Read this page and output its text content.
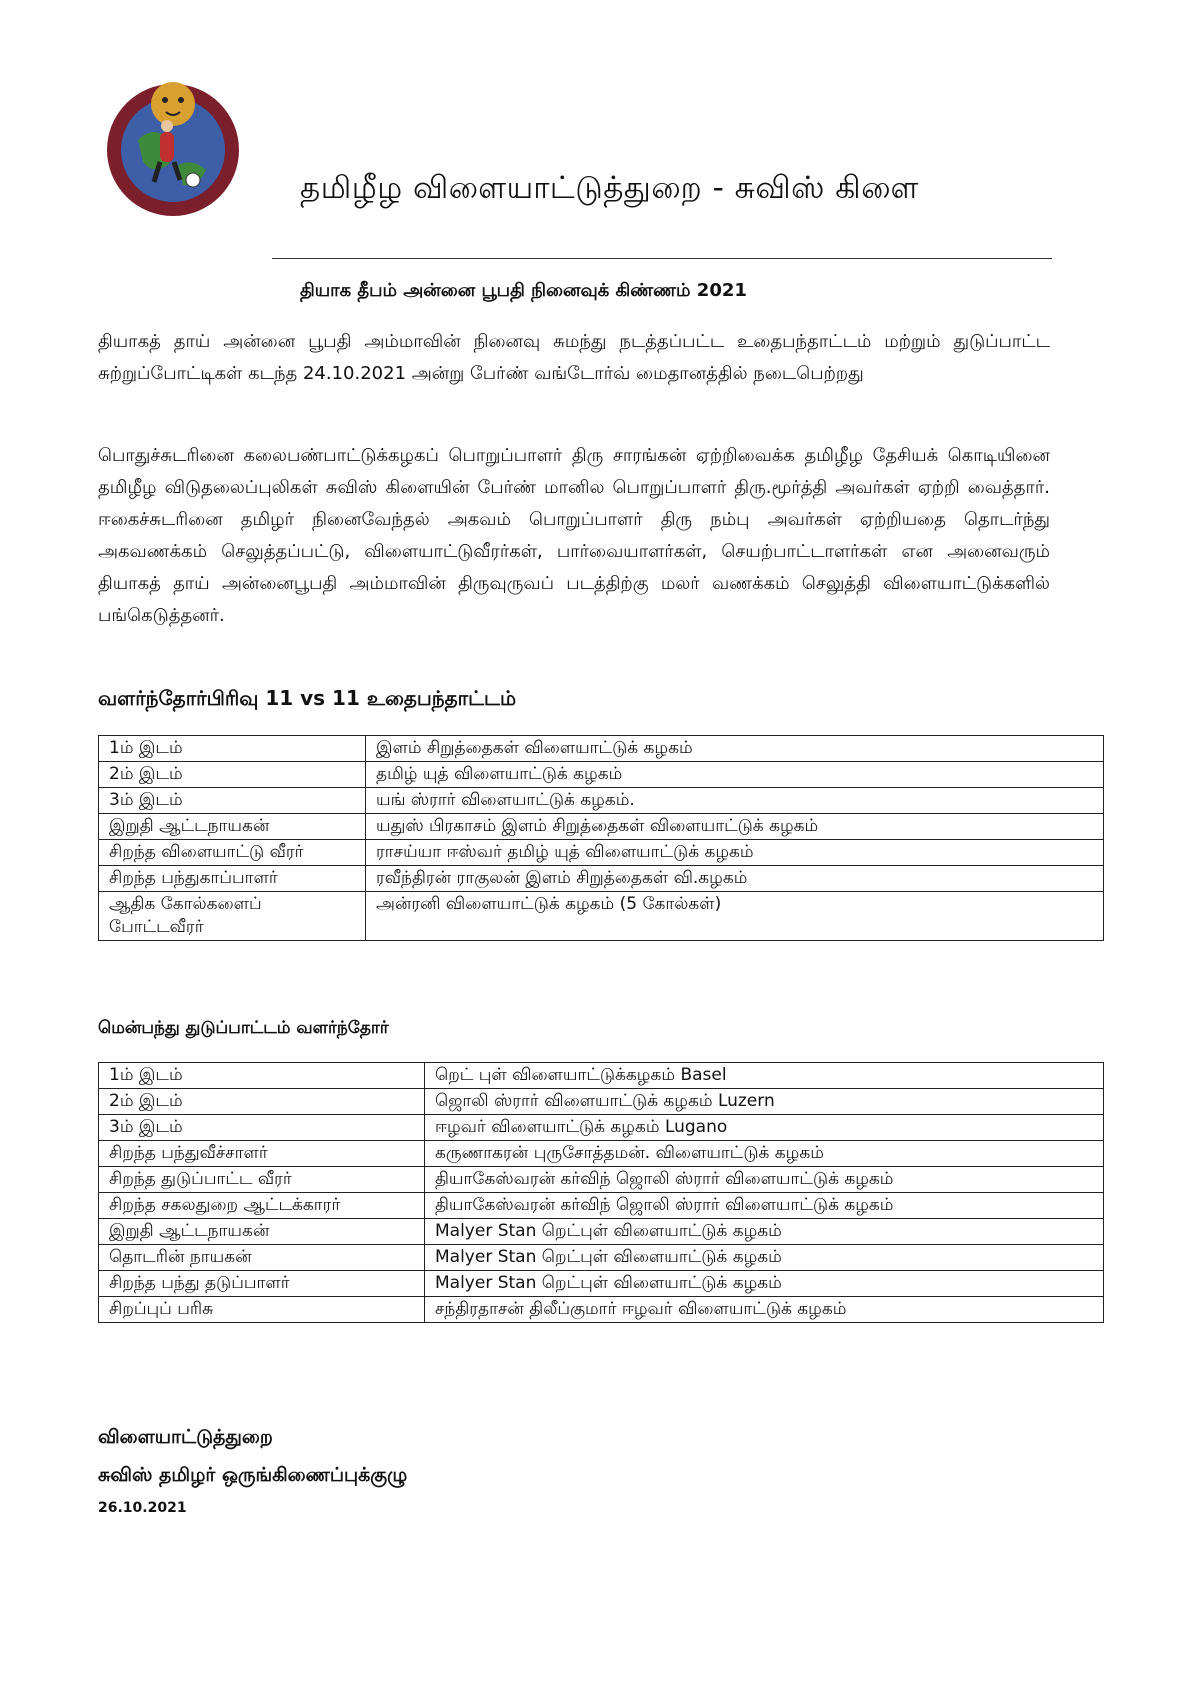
தமிழீழ விளையாட்டுத்துறை - சுவிஸ் கிளை
தியாக தீபம் அன்னை பூபதி நினைவுக் கிண்ணம் 2021
தியாகத் தாய் அன்னை பூபதி அம்மாவின் நினைவு சுமந்து நடத்தப்பட்ட உதைபந்தாட்டம் மற்றும் துடுப்பாட்ட சுற்றுப்போட்டிகள் கடந்த 24.10.2021 அன்று பேர்ண் வங்டோர்வ் மைதானத்தில் நடைபெற்றது
பொதுச்சுடரினை கலைபண்பாட்டுக்கழகப் பொறுப்பாளர் திரு சாரங்கன் ஏற்றிவைக்க தமிழீழ தேசியக் கொடியினை தமிழீழ விடுதலைப்புலிகள் சுவிஸ் கிளையின் பேர்ண் மானில பொறுப்பாளர் திரு.மூர்த்தி அவர்கள் ஏற்றி வைத்தார். ஈகைச்சுடரினை தமிழர் நினைவேந்தல் அகவம் பொறுப்பாளர் திரு நம்பு அவர்கள் ஏற்றியதை தொடர்ந்து அகவணக்கம் செலுத்தப்பட்டு, விளையாட்டுவீரர்கள், பார்வையாளர்கள், செயற்பாட்டாளர்கள் என அனைவரும் தியாகத் தாய் அன்னைபூபதி அம்மாவின் திருவுருவப் படத்திற்கு மலர் வணக்கம் செலுத்தி விளையாட்டுக்களில் பங்கெடுத்தனர்.
வளர்ந்தோர்பிரிவு 11 vs 11 உதைபந்தாட்டம்
1ம் இடம்	இளம் சிறுத்தைகள் விளையாட்டுக் கழகம்
2ம் இடம்	தமிழ் யுத் விளையாட்டுக் கழகம்
3ம் இடம்	யங் ஸ்ரார் விளையாட்டுக் கழகம்.
இறுதி ஆட்டநாயகன்	யதுஸ் பிரகாசம் இளம் சிறுத்தைகள் விளையாட்டுக் கழகம்
சிறந்த விளையாட்டு வீரர்	ராசய்யா ஈஸ்வர் தமிழ் யுத் விளையாட்டுக் கழகம்
சிறந்த பந்துகாப்பாளர்	ரவீந்திரன் ராகுலன் இளம் சிறுத்தைகள் வி.கழகம்
ஆதிக கோல்களைப் போட்டவீரர்	அன்ரனி விளையாட்டுக் கழகம் (5 கோல்கள்)
மென்பந்து துடுப்பாட்டம் வளர்ந்தோர்
1ம் இடம்	றெட் புள் விளையாட்டுக்கழகம் Basel
2ம் இடம்	ஜொலி ஸ்ரார் விளையாட்டுக் கழகம் Luzern
3ம் இடம்	ஈழவர் விளையாட்டுக் கழகம் Lugano
சிறந்த பந்துவீச்சாளர்	கருணாகரன் புருசோத்தமன். விளையாட்டுக் கழகம்
சிறந்த துடுப்பாட்ட வீரர்	தியாகேஸ்வரன் கர்விந் ஜொலி ஸ்ரார் விளையாட்டுக் கழகம்
சிறந்த சகலதுறை ஆட்டக்காரர்	தியாகேஸ்வரன் கர்விந் ஜொலி ஸ்ரார் விளையாட்டுக் கழகம்
இறுதி ஆட்டநாயகன்	Malyer Stan றெட்புள் விளையாட்டுக் கழகம்
தொடரின் நாயகன்	Malyer Stan றெட்புள் விளையாட்டுக் கழகம்
சிறந்த பந்து தடுப்பாளர்	Malyer Stan றெட்புள் விளையாட்டுக் கழகம்
சிறப்புப் பரிசு	சந்திரதாசன் திலீப்குமார் ஈழவர் விளையாட்டுக் கழகம்
விளையாட்டுத்துறை
சுவிஸ் தமிழர் ஒருங்கிணைப்புக்குழு
26.10.2021
